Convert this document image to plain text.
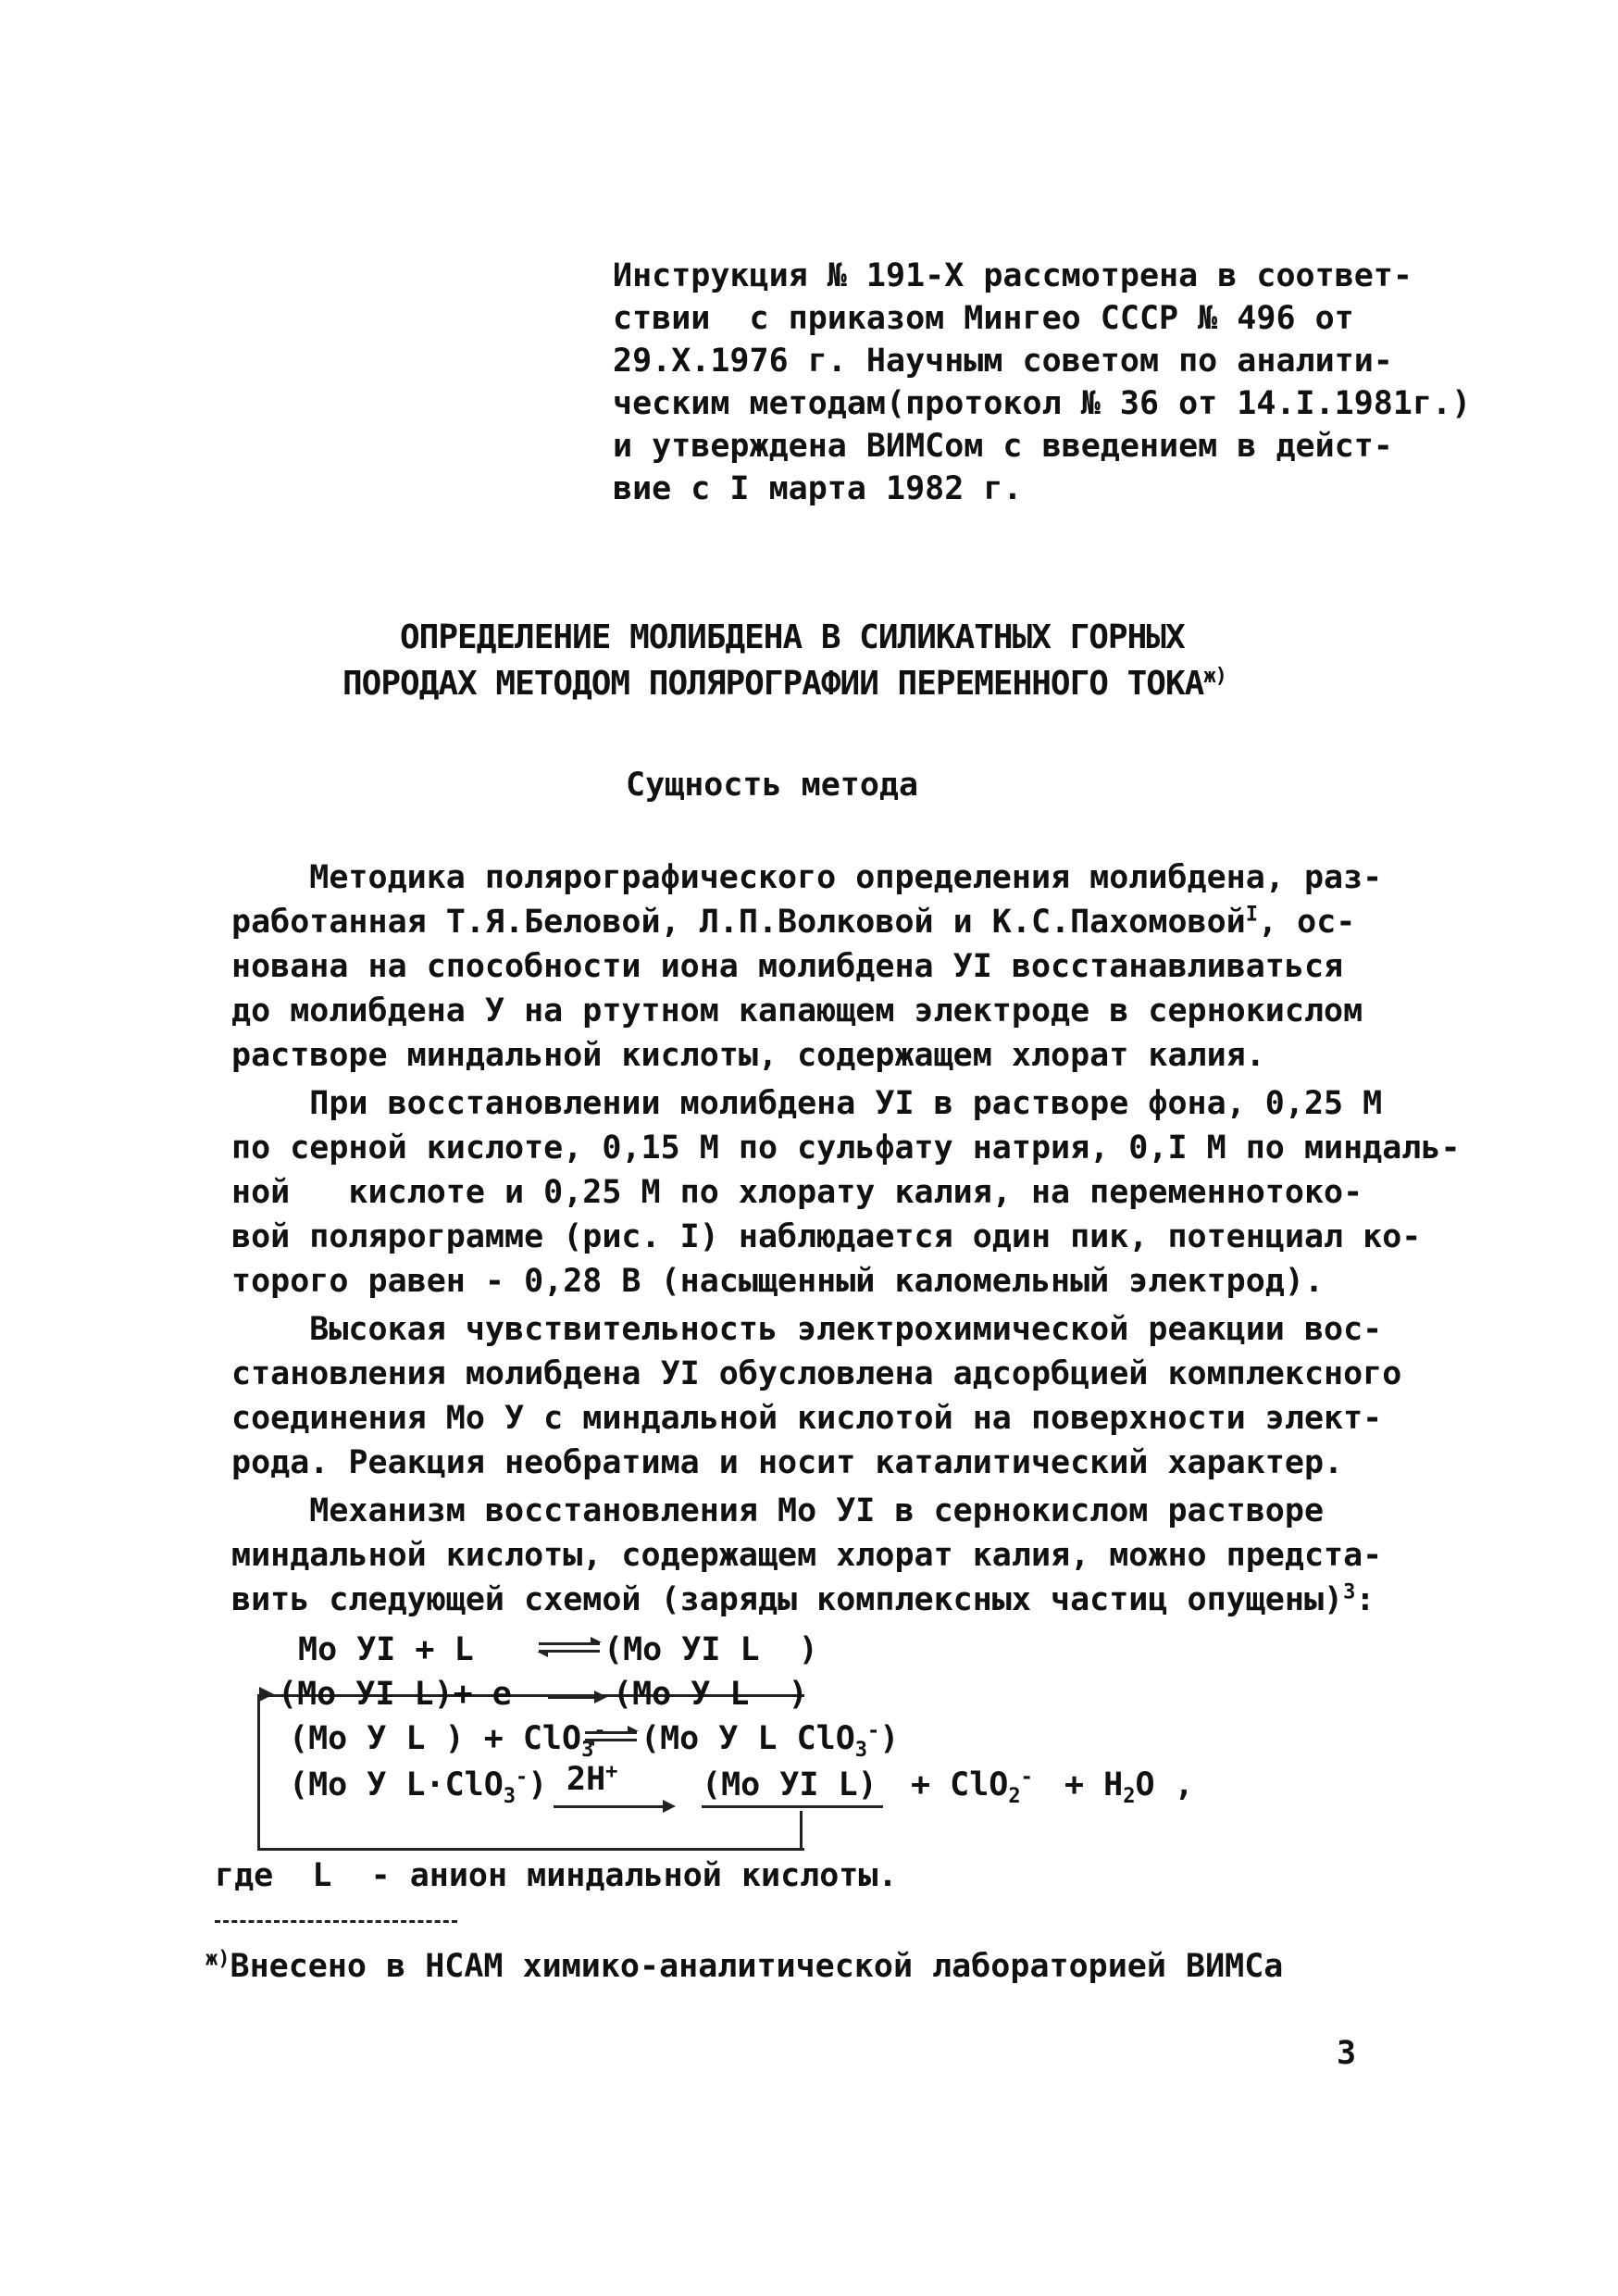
Инструкция № 191-Х рассмотрена в соответ-
ствии  с приказом Мингео СССР № 496 от
29.X.1976 г. Научным советом по аналити-
ческим методам(протокол № 36 от 14.I.1981г.)
и утверждена ВИМСом с введением в дейст-
вие с I марта 1982 г.
ОПРЕДЕЛЕНИЕ МОЛИБДЕНА В СИЛИКАТНЫХ ГОРНЫХ
ПОРОДАХ МЕТОДОМ ПОЛЯРОГРАФИИ ПЕРЕМЕННОГО $ТОКА^{ж)}$
Сущность метода
Методика полярографического определения молибдена, раз-
работанная Т.Я.Беловой, Л.П.Волковой и К.С.Пахомовой$^I$, ос-
нована на способности иона молибдена УI восстанавливаться
до молибдена У на ртутном капающем электроде в сернокислом
растворе миндальной кислоты, содержащем хлорат калия.
При восстановлении молибдена УI в растворе фона, 0,25 М
по серной кислоте, 0,15 М по сульфату натрия, 0,I М по миндаль-
ной   кислоте и 0,25 М по хлорату калия, на переменнотоко-
вой полярограмме (рис. I) наблюдается один пик, потенциал ко-
торого равен - 0,28 В (насыщенный каломельный электрод).
Высокая чувствительность электрохимической реакции вос-
становления молибдена УI обусловлена адсорбцией комплексного
соединения Мо У с миндальной кислотой на поверхности элект-
рода. Реакция необратима и носит каталитический характер.
Механизм восстановления Мо УI в сернокислом растворе
миндальной кислоты, содержащем хлорат калия, можно предста-
вить следующей схемой (заряды комплексных частиц опущены)$^3$:
Мо УI + L	(Мо УI L  )
(Мо УI L)+ е → (Мо У L  )
(Мо У L ) + ClO$_3$- ⇌ (Мо У L ClO$_3$-)
(Мо У L·ClO$_3$-) 2Н+	(Мо УI $L) + ClO_2^- + Н_2О$ ,
где  L  - анион миндальной кислоты.
$^{ж)}$Внесено в НСАМ химико-аналитической лабораторией ВИМСа
3
